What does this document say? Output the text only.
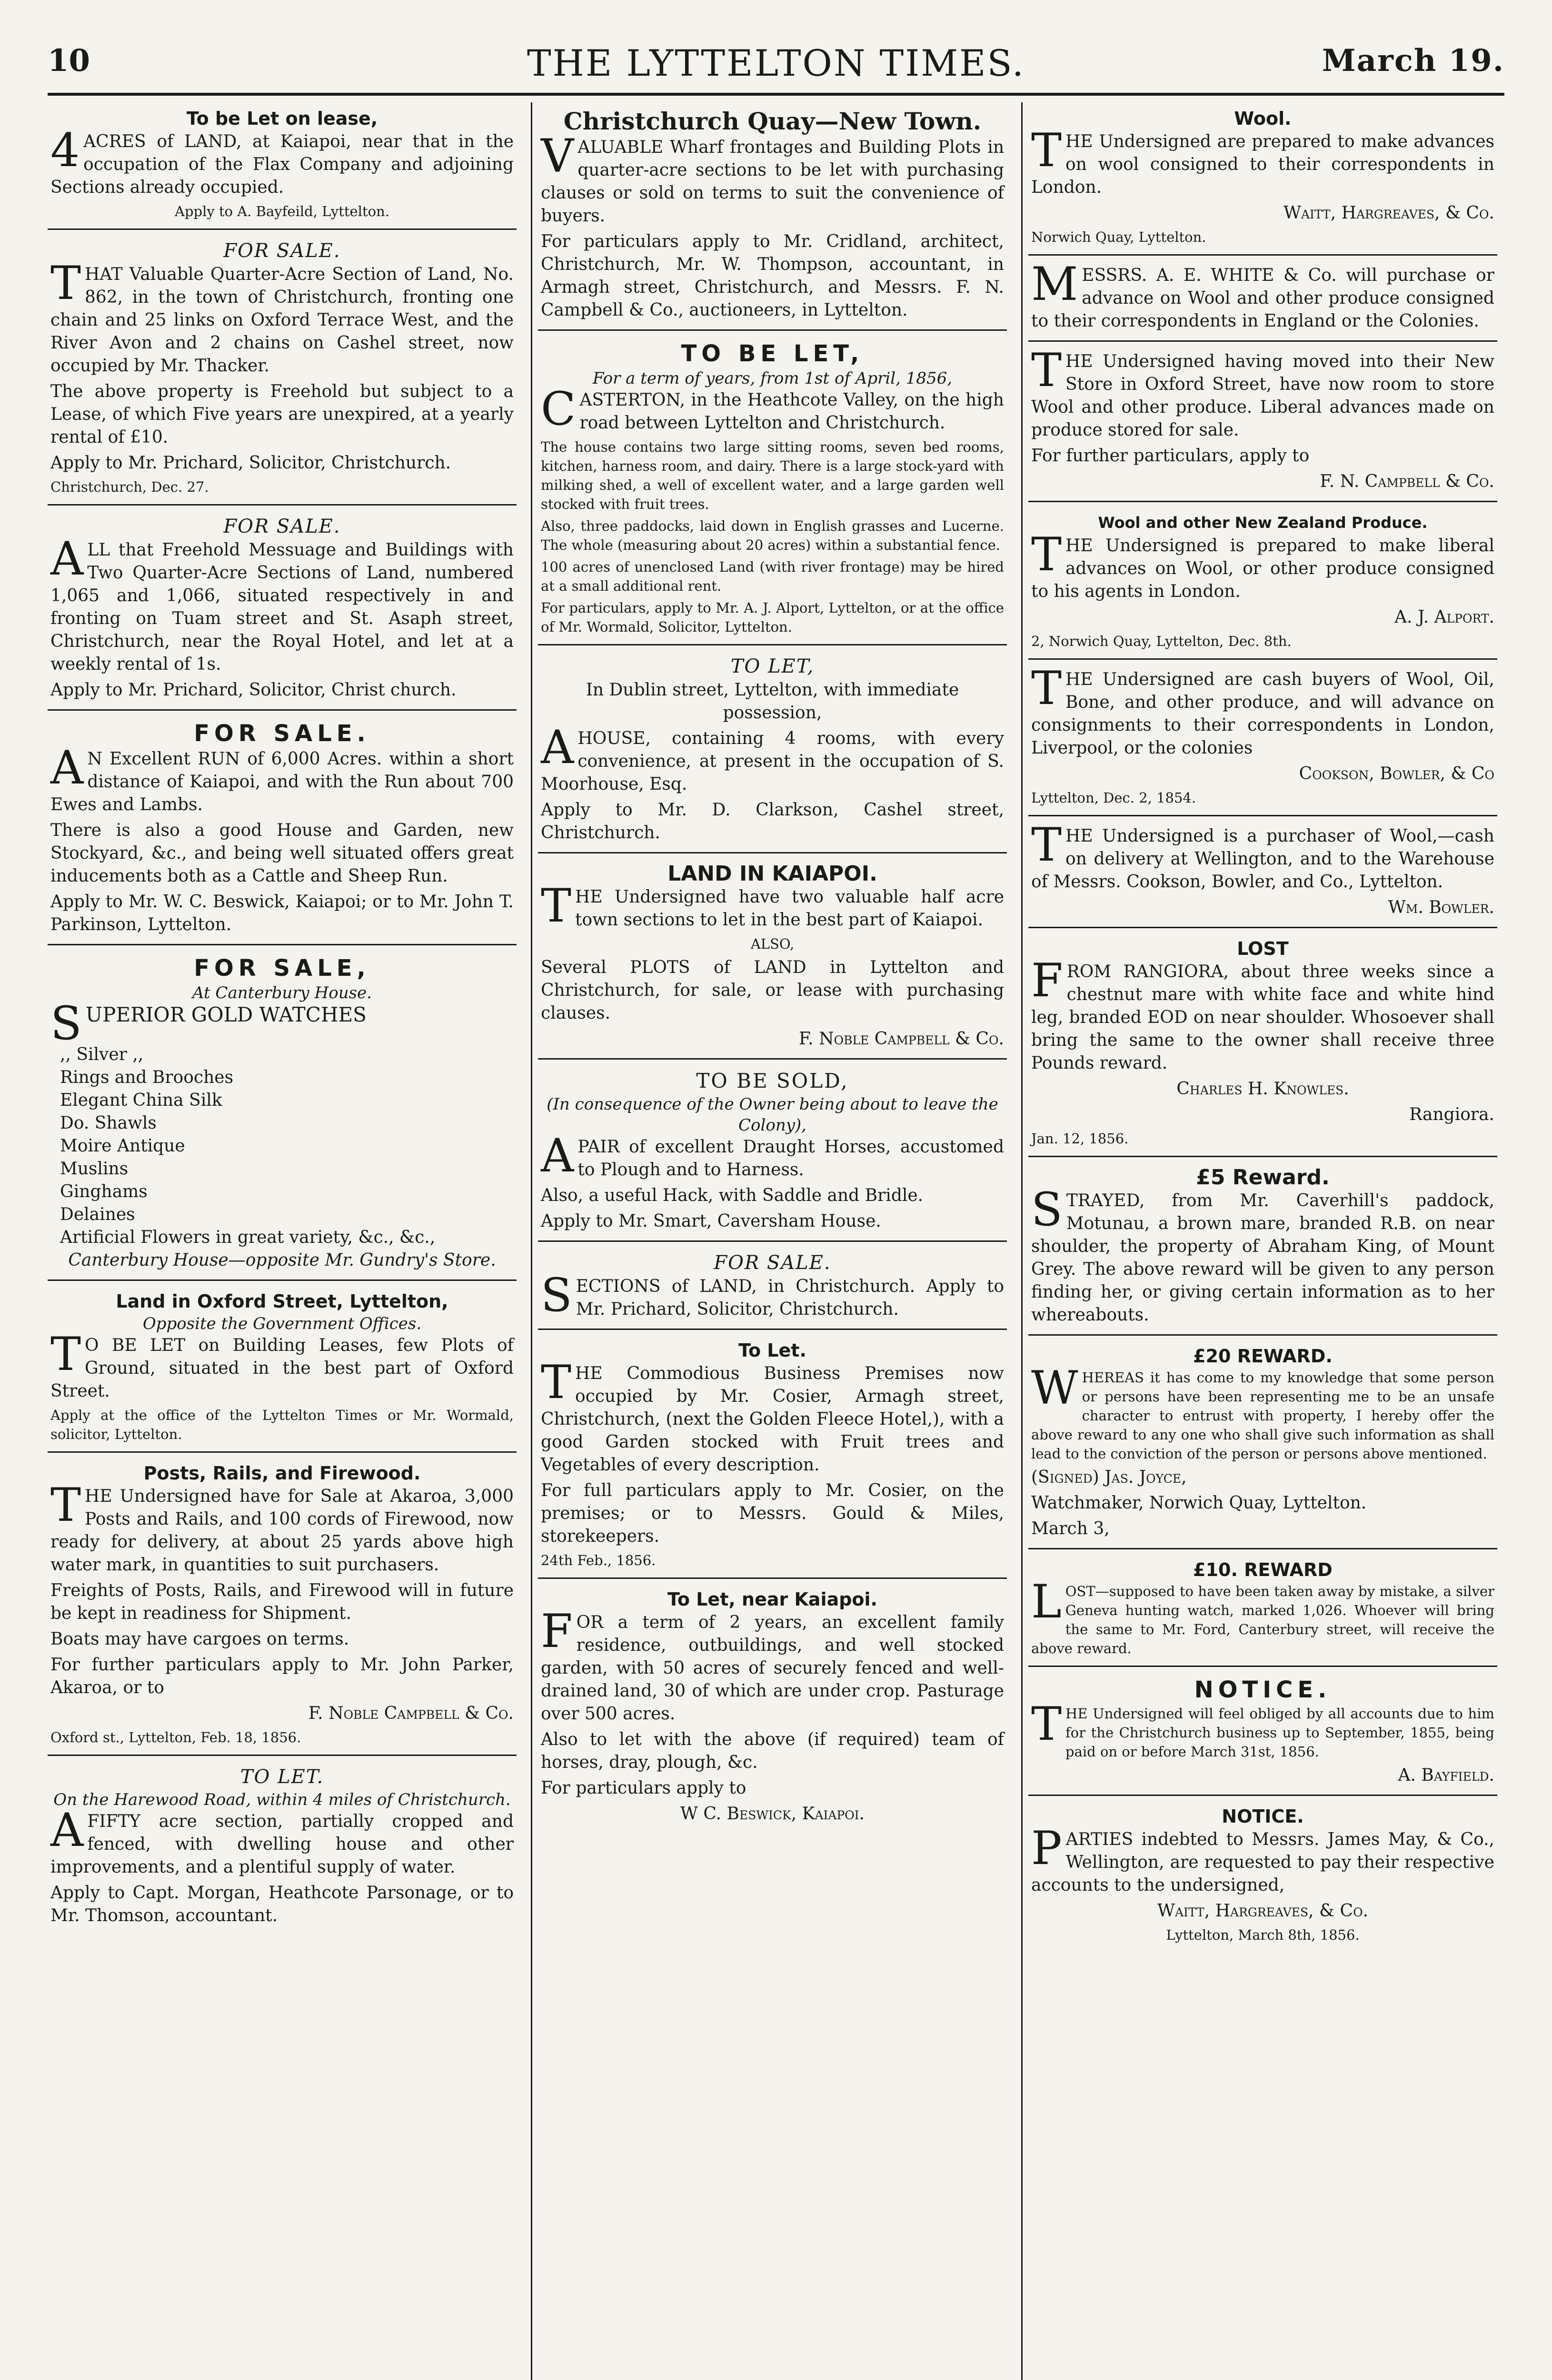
10	THE LYTTELTON TIMES.	March 19.
To be Let on lease,
4 ACRES of LAND, at Kaiapoi, near that in the occupation of the Flax Company and adjoining Sections already occupied.
Apply to A. Bayfeild, Lyttelton.
FOR SALE.
THAT Valuable Quarter-Acre Section of Land, No. 862, in the town of Christchurch, fronting one chain and 25 links on Oxford Terrace West, and the River Avon and 2 chains on Cashel street, now occupied by Mr. Thacker.
The above property is Freehold but subject to a Lease, of which Five years are unexpired, at a yearly rental of £10.
Apply to Mr. Prichard, Solicitor, Christchurch.
Christchurch, Dec. 27.
FOR SALE.
ALL that Freehold Messuage and Buildings with Two Quarter-Acre Sections of Land, numbered 1,065 and 1,066, situated respectively in and fronting on Tuam street and St. Asaph street, Christchurch, near the Royal Hotel, and let at a weekly rental of 1s.
Apply to Mr. Prichard, Solicitor, Christ church.
FOR SALE.
A N Excellent RUN of 6,000 Acres. within a short distance of Kaiapoi, and with the Run about 700 Ewes and Lambs.
There is also a good House and Garden, new Stockyard, &c., and being well situated offers great inducements both as a Cattle and Sheep Run.
Apply to Mr. W. C. Beswick, Kaiapoi; or to Mr. John T. Parkinson, Lyttelton.
FOR SALE,
At Canterbury House.
SUPERIOR GOLD WATCHES
,, Silver ,,
Rings and Brooches
Elegant China Silk
Do. Shawls
Moire Antique
Muslins
Ginghams
Delaines
Artificial Flowers in great variety, &c., &c.,
Canterbury House—opposite Mr. Gundry's Store.
Land in Oxford Street, Lyttelton,
Opposite the Government Offices.
T O BE LET on Building Leases, few Plots of Ground, situated in the best part of Oxford Street.
Apply at the office of the Lyttelton Times or Mr. Wormald, solicitor, Lyttelton.
Posts, Rails, and Firewood.
THE Undersigned have for Sale at Akaroa, 3,000 Posts and Rails, and 100 cords of Firewood, now ready for delivery, at about 25 yards above high water mark, in quantities to suit purchasers.
Freights of Posts, Rails, and Firewood will in future be kept in readiness for Shipment.
Boats may have cargoes on terms.
For further particulars apply to Mr. John Parker, Akaroa, or to
F. Noble Campbell & Co.
Oxford st., Lyttelton, Feb. 18, 1856.
TO LET.
On the Harewood Road, within 4 miles of Christchurch.
AFIFTY acre section, partially cropped and fenced, with dwelling house and other improvements, and a plentiful supply of water.
Apply to Capt. Morgan, Heathcote Parsonage, or to Mr. Thomson, accountant.
Christchurch Quay—New Town.
VALUABLE Wharf frontages and Building Plots in quarter-acre sections to be let with purchasing clauses or sold on terms to suit the convenience of buyers.
For particulars apply to Mr. Cridland, architect, Christchurch, Mr. W. Thompson, accountant, in Armagh street, Christchurch, and Messrs. F. N. Campbell & Co., auctioneers, in Lyttelton.
TO BE LET,
For a term of years, from 1st of April, 1856,
CASTERTON, in the Heathcote Valley, on the high road between Lyttelton and Christchurch.
The house contains two large sitting rooms, seven bed rooms, kitchen, harness room, and dairy. There is a large stock-yard with milking shed, a well of excellent water, and a large garden well stocked with fruit trees.
Also, three paddocks, laid down in English grasses and Lucerne. The whole (measuring about 20 acres) within a substantial fence.
100 acres of unenclosed Land (with river frontage) may be hired at a small additional rent.
For particulars, apply to Mr. A. J. Alport, Lyttelton, or at the office of Mr. Wormald, Solicitor, Lyttelton.
TO LET,
In Dublin street, Lyttelton, with immediate possession,
AHOUSE, containing 4 rooms, with every convenience, at present in the occupation of S. Moorhouse, Esq.
Apply to Mr. D. Clarkson, Cashel street, Christchurch.
LAND IN KAIAPOI.
THE Undersigned have two valuable half acre town sections to let in the best part of Kaiapoi.
ALSO,
Several PLOTS of LAND in Lyttelton and Christchurch, for sale, or lease with purchasing clauses.
F. Noble Campbell & Co.
TO BE SOLD,
(In consequence of the Owner being about to leave the Colony),
APAIR of excellent Draught Horses, accustomed to Plough and to Harness.
Also, a useful Hack, with Saddle and Bridle.
Apply to Mr. Smart, Caversham House.
FOR SALE.
SECTIONS of LAND, in Christchurch. Apply to Mr. Prichard, Solicitor, Christchurch.
To Let.
THE Commodious Business Premises now occupied by Mr. Cosier, Armagh street, Christchurch, (next the Golden Fleece Hotel,), with a good Garden stocked with Fruit trees and Vegetables of every description.
For full particulars apply to Mr. Cosier, on the premises; or to Messrs. Gould & Miles, storekeepers.
24th Feb., 1856.
To Let, near Kaiapoi.
FOR a term of 2 years, an excellent family residence, outbuildings, and well stocked garden, with 50 acres of securely fenced and well-drained land, 30 of which are under crop. Pasturage over 500 acres.
Also to let with the above (if required) team of horses, dray, plough, &c.
For particulars apply to
W C. Beswick, Kaiapoi.
Wool.
THE Undersigned are prepared to make advances on wool consigned to their correspondents in London.
Waitt, Hargreaves, & Co.
Norwich Quay, Lyttelton.
MESSRS. A. E. WHITE & Co. will purchase or advance on Wool and other produce consigned to their correspondents in England or the Colonies.
THE Undersigned having moved into their New Store in Oxford Street, have now room to store Wool and other produce. Liberal advances made on produce stored for sale.
For further particulars, apply to
F. N. Campbell & Co.
Wool and other New Zealand Produce.
THE Undersigned is prepared to make liberal advances on Wool, or other produce consigned to his agents in London.
A. J. Alport.
2, Norwich Quay, Lyttelton, Dec. 8th.
THE Undersigned are cash buyers of Wool, Oil, Bone, and other produce, and will advance on consignments to their correspondents in London, Liverpool, or the colonies
Cookson, Bowler, & Co
Lyttelton, Dec. 2, 1854.
THE Undersigned is a purchaser of Wool,—cash on delivery at Wellington, and to the Warehouse of Messrs. Cookson, Bowler, and Co., Lyttelton.
Wm. Bowler.
LOST
FROM RANGIORA, about three weeks since a chestnut mare with white face and white hind leg, branded EOD on near shoulder. Whosoever shall bring the same to the owner shall receive three Pounds reward.
Charles H. Knowles.
Rangiora.
Jan. 12, 1856.
£5 Reward.
STRAYED, from Mr. Caverhill's paddock, Motunau, a brown mare, branded R.B. on near shoulder, the property of Abraham King, of Mount Grey. The above reward will be given to any person finding her, or giving certain information as to her whereabouts.
£20 REWARD.
WHEREAS it has come to my knowledge that some person or persons have been representing me to be an unsafe character to entrust with property, I hereby offer the above reward to any one who shall give such information as shall lead to the conviction of the person or persons above mentioned.
(Signed) Jas. Joyce,
Watchmaker, Norwich Quay, Lyttelton.
March 3,
£10. REWARD
LOST—supposed to have been taken away by mistake, a silver Geneva hunting watch, marked 1,026. Whoever will bring the same to Mr. Ford, Canterbury street, will receive the above reward.
NOTICE.
THE Undersigned will feel obliged by all accounts due to him for the Christchurch business up to September, 1855, being paid on or before March 31st, 1856.
A. Bayfield.
NOTICE.
PARTIES indebted to Messrs. James May, & Co., Wellington, are requested to pay their respective accounts to the undersigned,
Waitt, Hargreaves, & Co.
Lyttelton, March 8th, 1856.
